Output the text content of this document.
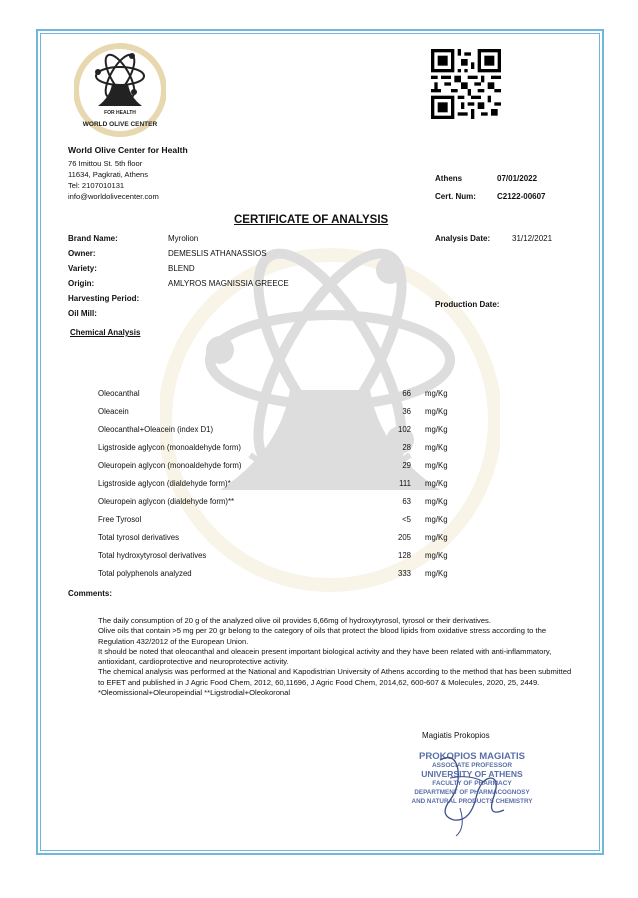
FOR HEALTH
WORLD OLIVE CENTER
World Olive Center for Health
76 Imittou St. 5th floor
11634, Pagkrati, Athens
Tel: 2107010131
info@worldolivecenter.com
Athens	07/01/2022
Cert. Num:	C2122-00607
CERTIFICATE OF ANALYSIS
Brand Name:	Myrolion
Owner:	DEMESLIS ATHANASSIOS
Variety:	BLEND
Origin:	AMLYROS MAGNISSIA GREECE
Harvesting Period:
Oil Mill:
Analysis Date:	31/12/2021
Production Date:
Chemical Analysis
Oleocanthal	66 mg/Kg
Oleacein	36 mg/Kg
Oleocanthal+Oleacein (index D1)	102 mg/Kg
Ligstroside aglycon (monoaldehyde form)	28 mg/Kg
Oleuropein aglycon (monoaldehyde form)	29 mg/Kg
Ligstroside aglycon (dialdehyde form)*	111 mg/Kg
Oleuropein aglycon (dialdehyde form)**	63 mg/Kg
Free Tyrosol	<5 mg/Kg
Total tyrosol derivatives	205 mg/Kg
Total hydroxytyrosol derivatives	128 mg/Kg
Total polyphenols analyzed	333 mg/Kg
Comments:

The daily consumption of 20 g of the analyzed olive oil provides 6,66mg of hydroxytyrosol, tyrosol or their derivatives.

Olive oils that contain >5 mg per 20 gr belong to the category of oils that protect the blood lipids from oxidative stress according to the Regulation 432/2012 of the European Union.

It should be noted that oleocanthal and oleacein present important biological activity and they have been related with anti-inflammatory, antioxidant, cardioprotective and neuroprotective activity.

The chemical analysis was performed at the National and Kapodistrian University of Athens according to the method that has been submitted to EFET and published in J Agric Food Chem, 2012, 60,11696, J Agric Food Chem, 2014,62, 600-607 & Molecules, 2020, 25, 2449. *Oleomissional+Oleuropeindial **Ligstrodial+Oleokoronal

Magiatis Prokopios
PROKOPIOS MAGIATIS
ASSOCIATE PROFESSOR
UNIVERSITY OF ATHENS
FACULTY OF PHARMACY
DEPARTMENT OF PHARMACOGNOSY
AND NATURAL PRODUCTS CHEMISTRY
